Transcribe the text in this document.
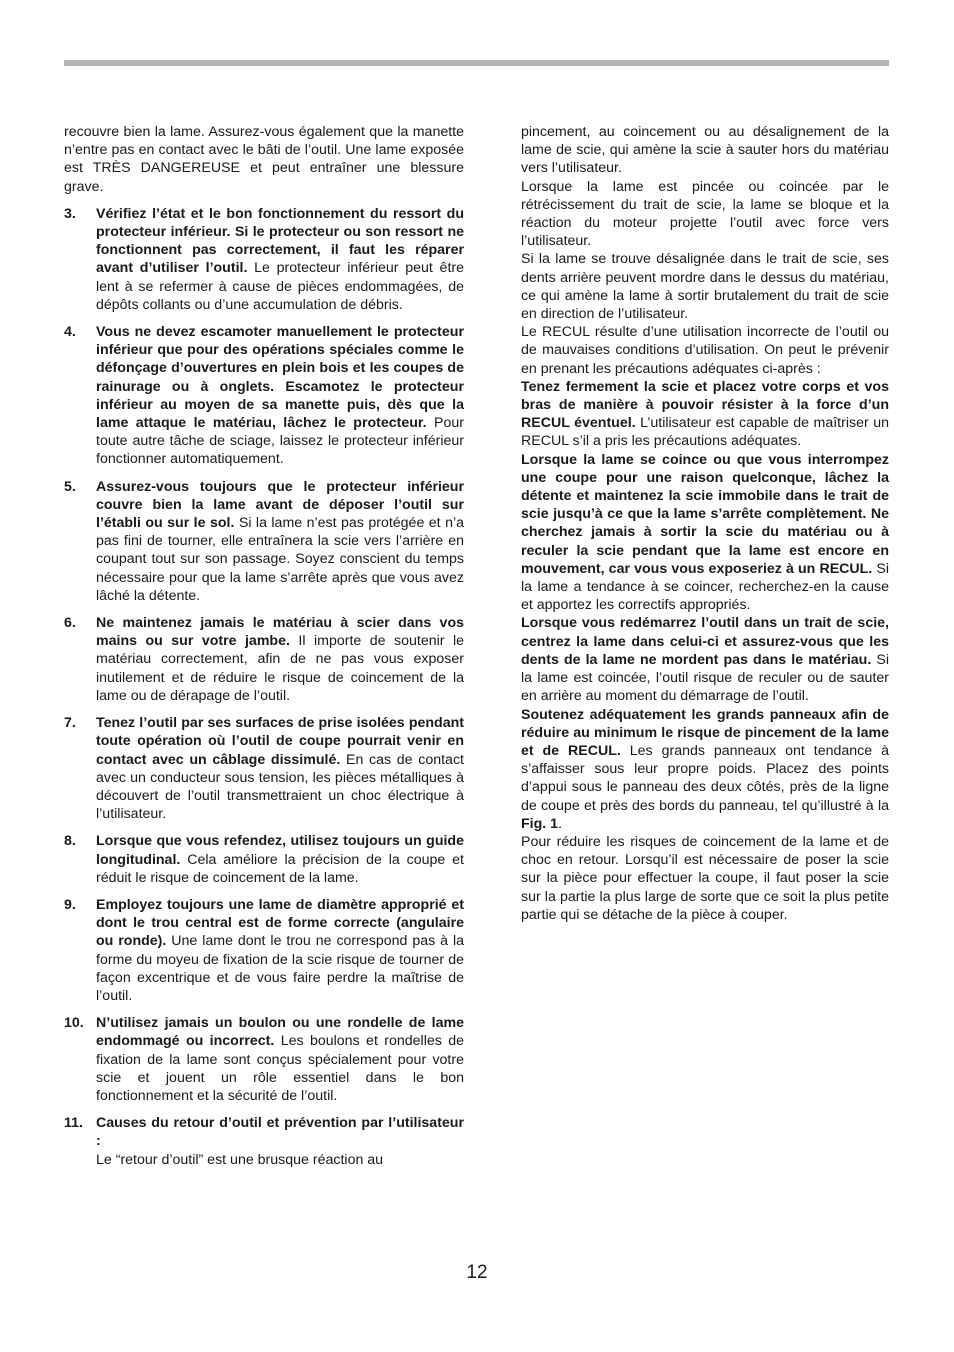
recouvre bien la lame. Assurez-vous également que la manette n’entre pas en contact avec le bâti de l’outil. Une lame exposée est TRÈS DANGEREUSE et peut entraîner une blessure grave.

3. Vérifiez l’état et le bon fonctionnement du ressort du protecteur inférieur. Si le protecteur ou son ressort ne fonctionnent pas correctement, il faut les réparer avant d’utiliser l’outil. Le protecteur inférieur peut être lent à se refermer à cause de pièces endommagées, de dépôts collants ou d’une accumulation de débris.
4. Vous ne devez escamoter manuellement le protecteur inférieur que pour des opérations spéciales comme le défonçage d’ouvertures en plein bois et les coupes de rainurage ou à onglets. Escamotez le protecteur inférieur au moyen de sa manette puis, dès que la lame attaque le matériau, lâchez le protecteur. Pour toute autre tâche de sciage, laissez le protecteur inférieur fonctionner automatiquement.
5. Assurez-vous toujours que le protecteur inférieur couvre bien la lame avant de déposer l’outil sur l’établi ou sur le sol. Si la lame n’est pas protégée et n’a pas fini de tourner, elle entraînera la scie vers l’arrière en coupant tout sur son passage. Soyez conscient du temps nécessaire pour que la lame s’arrête après que vous avez lâché la détente.
6. Ne maintenez jamais le matériau à scier dans vos mains ou sur votre jambe. Il importe de soutenir le matériau correctement, afin de ne pas vous exposer inutilement et de réduire le risque de coincement de la lame ou de dérapage de l’outil.
7. Tenez l’outil par ses surfaces de prise isolées pendant toute opération où l’outil de coupe pourrait venir en contact avec un câblage dissimulé. En cas de contact avec un conducteur sous tension, les pièces métalliques à découvert de l’outil transmettraient un choc électrique à l’utilisateur.
8. Lorsque que vous refendez, utilisez toujours un guide longitudinal. Cela améliore la précision de la coupe et réduit le risque de coincement de la lame.
9. Employez toujours une lame de diamètre approprié et dont le trou central est de forme correcte (angulaire ou ronde). Une lame dont le trou ne correspond pas à la forme du moyeu de fixation de la scie risque de tourner de façon excentrique et de vous faire perdre la maîtrise de l’outil.
10. N’utilisez jamais un boulon ou une rondelle de lame endommagé ou incorrect. Les boulons et rondelles de fixation de la lame sont conçus spécialement pour votre scie et jouent un rôle essentiel dans le bon fonctionnement et la sécurité de l’outil.
11. Causes du retour d’outil et prévention par l’utilisateur :
Le “retour d’outil” est une brusque réaction au

pincement, au coincement ou au désalignement de la lame de scie, qui amène la scie à sauter hors du matériau vers l’utilisateur.

Lorsque la lame est pincée ou coincée par le rétrécissement du trait de scie, la lame se bloque et la réaction du moteur projette l’outil avec force vers l’utilisateur.

Si la lame se trouve désalignée dans le trait de scie, ses dents arrière peuvent mordre dans le dessus du matériau, ce qui amène la lame à sortir brutalement du trait de scie en direction de l’utilisateur.

Le RECUL résulte d’une utilisation incorrecte de l’outil ou de mauvaises conditions d’utilisation. On peut le prévenir en prenant les précautions adéquates ci-après :

Tenez fermement la scie et placez votre corps et vos bras de manière à pouvoir résister à la force d’un RECUL éventuel. L’utilisateur est capable de maîtriser un RECUL s’il a pris les précautions adéquates.

Lorsque la lame se coince ou que vous interrompez une coupe pour une raison quelconque, lâchez la détente et maintenez la scie immobile dans le trait de scie jusqu’à ce que la lame s’arrête complètement. Ne cherchez jamais à sortir la scie du matériau ou à reculer la scie pendant que la lame est encore en mouvement, car vous vous exposeriez à un RECUL. Si la lame a tendance à se coincer, recherchez-en la cause et apportez les correctifs appropriés.

Lorsque vous redémarrez l’outil dans un trait de scie, centrez la lame dans celui-ci et assurez-vous que les dents de la lame ne mordent pas dans le matériau. Si la lame est coincée, l’outil risque de reculer ou de sauter en arrière au moment du démarrage de l’outil.

Soutenez adéquatement les grands panneaux afin de réduire au minimum le risque de pincement de la lame et de RECUL. Les grands panneaux ont tendance à s’affaisser sous leur propre poids. Placez des points d’appui sous le panneau des deux côtés, près de la ligne de coupe et près des bords du panneau, tel qu’illustré à la Fig. 1.

Pour réduire les risques de coincement de la lame et de choc en retour. Lorsqu’il est nécessaire de poser la scie sur la pièce pour effectuer la coupe, il faut poser la scie sur la partie la plus large de sorte que ce soit la plus petite partie qui se détache de la pièce à couper.

12
